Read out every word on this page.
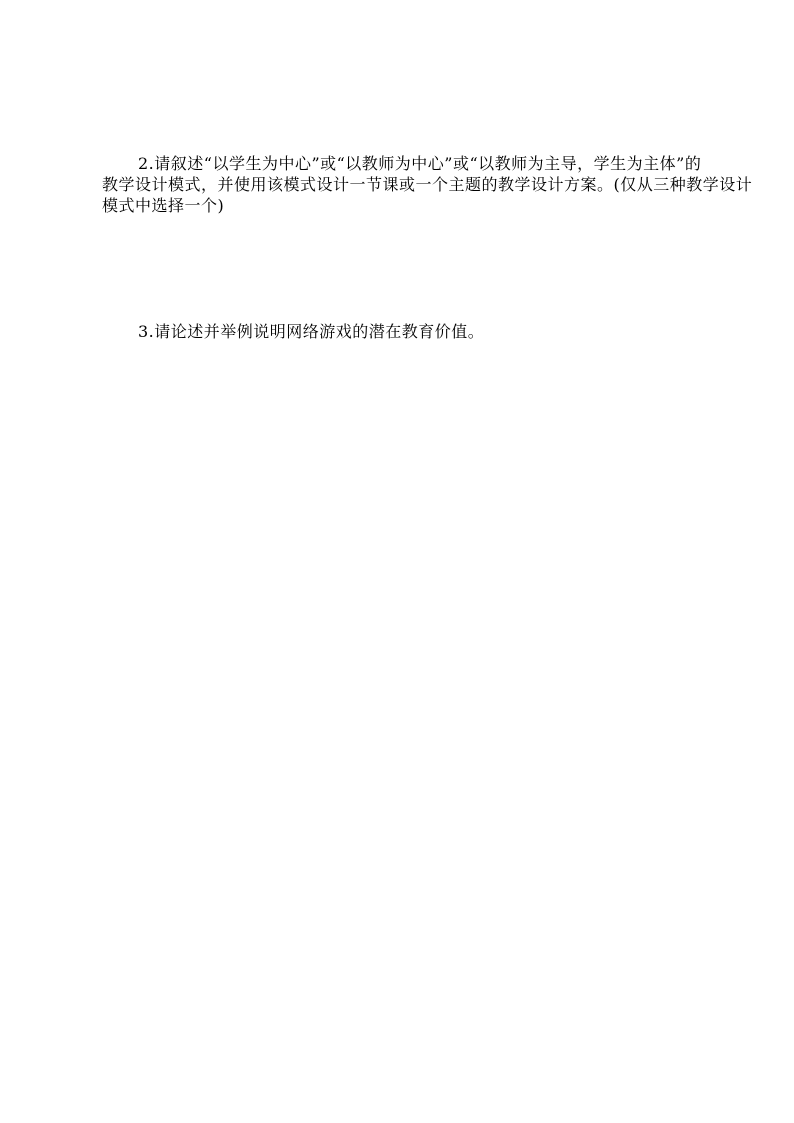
2.请叙述“以学生为中心”或“以教师为中心”或“以教师为主导，学生为主体”的
教学设计模式，并使用该模式设计一节课或一个主题的教学设计方案。(仅从三种教学设计
模式中选择一个)
3.请论述并举例说明网络游戏的潜在教育价值。
